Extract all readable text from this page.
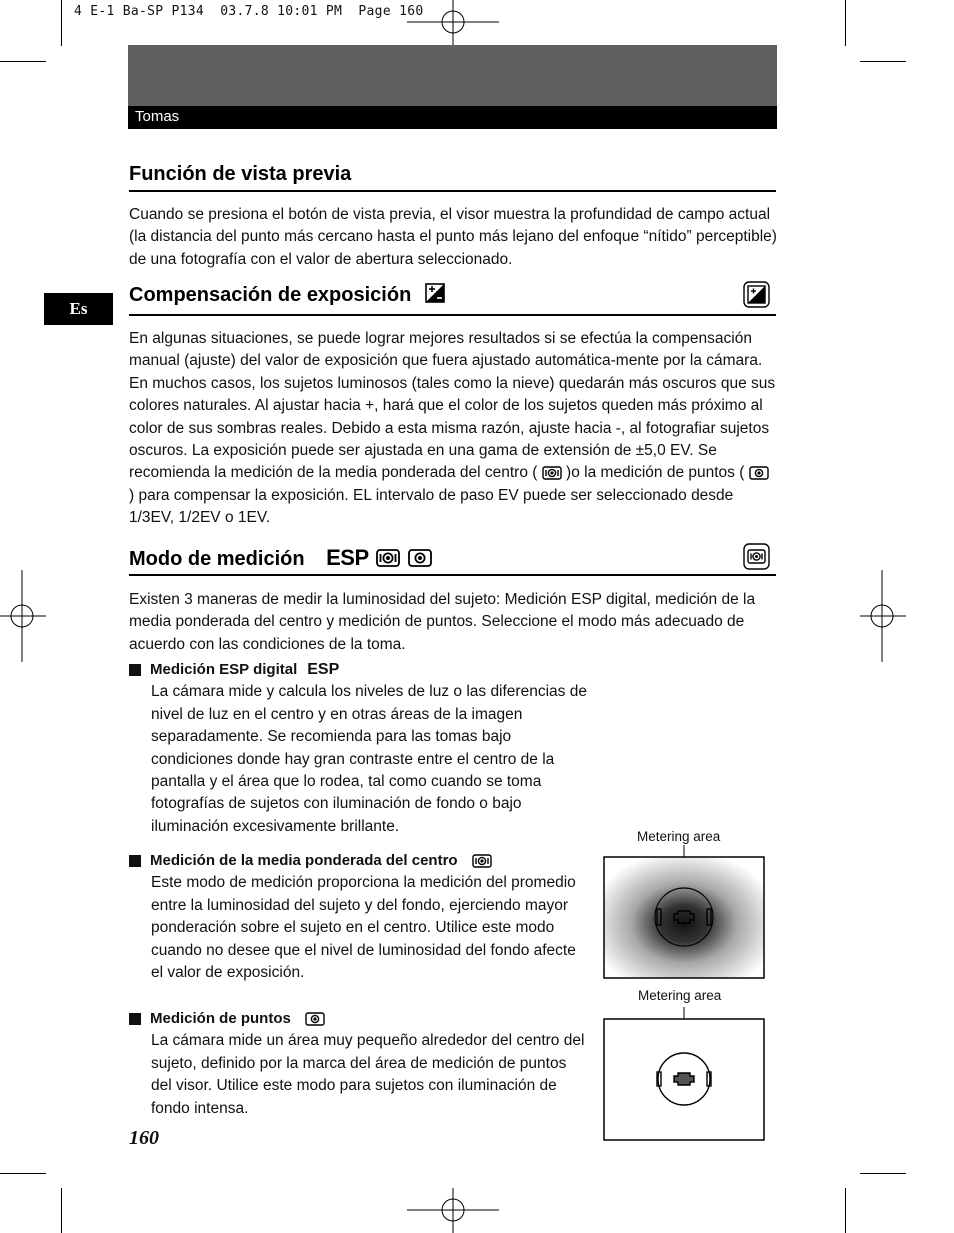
4 E-1 Ba-SP P134  03.7.8 10:01 PM  Page 160
Tomas
Es
Función de vista previa
Cuando se presiona el botón de vista previa, el visor muestra la profundidad de campo actual (la distancia del punto más cercano hasta el punto más lejano del enfoque “nítido” perceptible) de una fotografía con el valor de abertura seleccionado.
Compensación de exposición
En algunas situaciones, se puede lograr mejores resultados si se efectúa la compensación manual (ajuste) del valor de exposición que fuera ajustado automática-mente por la cámara. En muchos casos, los sujetos luminosos (tales como la nieve) quedarán más oscuros que sus colores naturales. Al ajustar hacia +, hará que el color de los sujetos queden más próximo al color de sus sombras reales. Debido a esta misma razón, ajuste hacia -, al fotografiar sujetos oscuros. La exposición puede ser ajustada en una gama de extensión de ±5,0 EV. Se recomienda la medición de la media ponderada del centro ( )o la medición de puntos (  ) para compensar la exposición. EL intervalo de paso EV puede ser seleccionado desde 1/3EV, 1/2EV o 1EV.
Modo de medición ESP
Existen 3 maneras de medir la luminosidad del sujeto: Medición ESP digital, medición de la media ponderada del centro y medición de puntos. Seleccione el modo más adecuado de acuerdo con las condiciones de la toma.
Medición ESP digital ESP
La cámara mide y calcula los niveles de luz o las diferencias de nivel de luz en el centro y en otras áreas de la imagen separadamente. Se recomienda para las tomas bajo condiciones donde hay gran contraste entre el centro de la pantalla y el área que lo rodea, tal como cuando se toma fotografías de sujetos con iluminación de fondo o bajo iluminación excesivamente brillante.
Medición de la media ponderada del centro
Este modo de medición proporciona la medición del promedio entre la luminosidad del sujeto y del fondo, ejerciendo mayor ponderación sobre el sujeto en el centro. Utilice este modo cuando no desee que el nivel de luminosidad del fondo afecte el valor de exposición.
Medición de puntos
La cámara mide un área muy pequeño alrededor del centro del sujeto, definido por la marca del área de medición de puntos del visor. Utilice este modo para sujetos con iluminación de fondo intensa.
Metering area
Metering area
160
